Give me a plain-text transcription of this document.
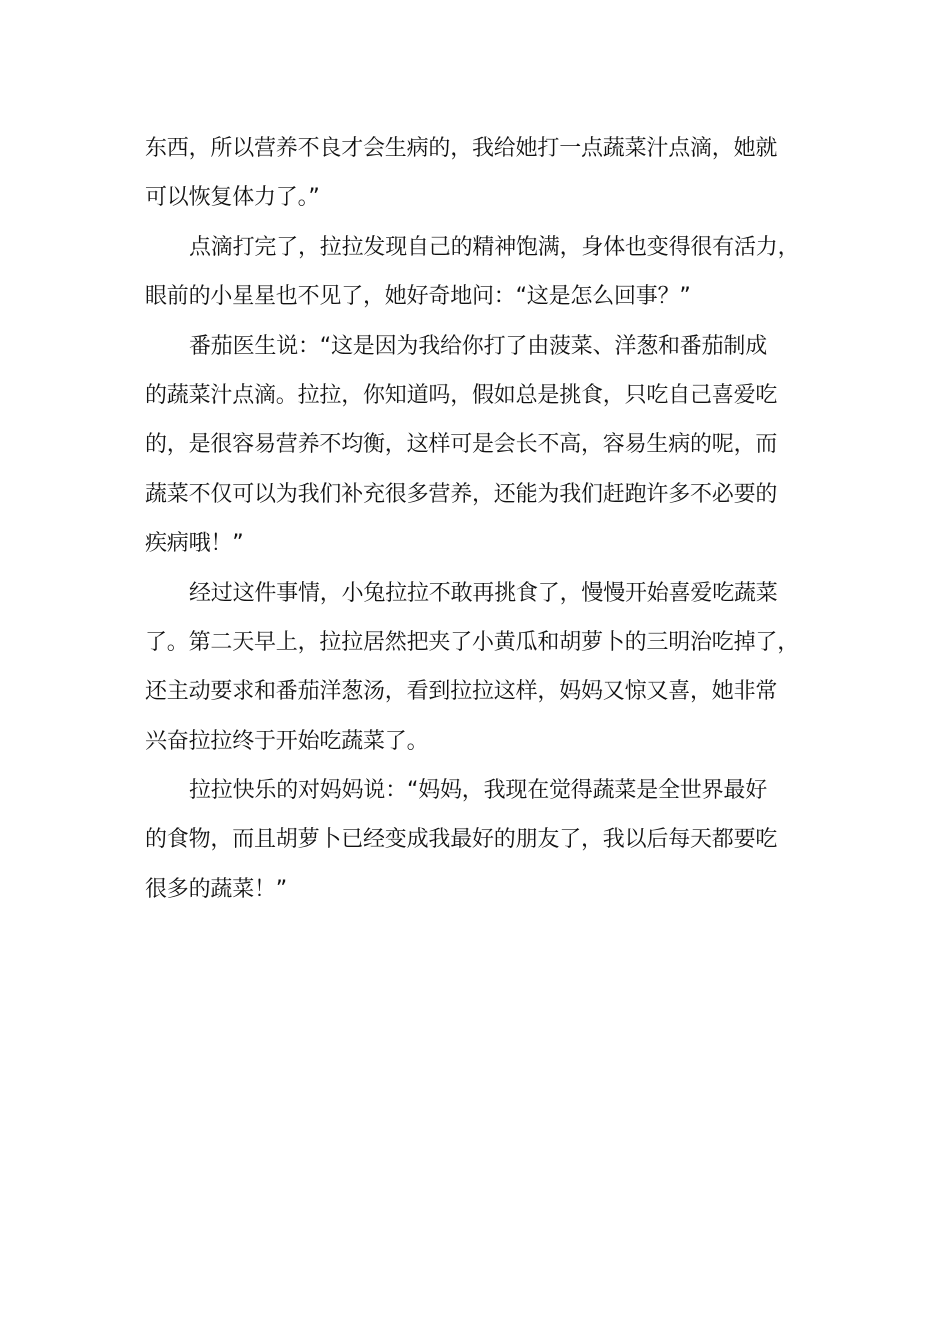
东西，所以营养不良才会生病的，我给她打一点蔬菜汁点滴，她就
可以恢复体力了。”
点滴打完了，拉拉发现自己的精神饱满，身体也变得很有活力，
眼前的小星星也不见了，她好奇地问：“这是怎么回事？”
番茄医生说：“这是因为我给你打了由菠菜、洋葱和番茄制成
的蔬菜汁点滴。拉拉，你知道吗，假如总是挑食，只吃自己喜爱吃
的，是很容易营养不均衡，这样可是会长不高，容易生病的呢，而
蔬菜不仅可以为我们补充很多营养，还能为我们赶跑许多不必要的
疾病哦！”
经过这件事情，小兔拉拉不敢再挑食了，慢慢开始喜爱吃蔬菜
了。第二天早上，拉拉居然把夹了小黄瓜和胡萝卜的三明治吃掉了，
还主动要求和番茄洋葱汤，看到拉拉这样，妈妈又惊又喜，她非常
兴奋拉拉终于开始吃蔬菜了。
拉拉快乐的对妈妈说：“妈妈，我现在觉得蔬菜是全世界最好
的食物，而且胡萝卜已经变成我最好的朋友了，我以后每天都要吃
很多的蔬菜！”
